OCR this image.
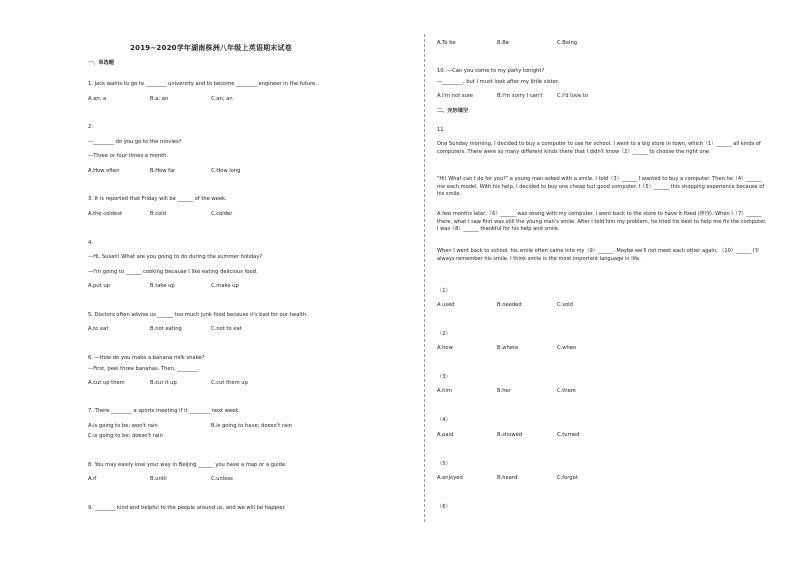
2019~2020学年湖南株洲八年级上英语期末试卷
一、单选题
1. Jack wants to go to ________ university and to become ________ engineer in the future.
A.an; a	B.a; an	C.an; an
2.
—________ do you go to the movies?
—Three or four times a month.
A.How often	B.How far	C.How long
3. It is reported that Friday will be ______ of the week.
A.the coldest	B.cold	C.colder
4.
—Hi, Susan! What are you going to do during the summer holiday?
—I'm going to ______ cooking because I like eating delicious food.
A.put up	B.take up	C.make up
5. Doctors often advise us ______ too much junk food because it's bad for our health.
A.to eat	B.not eating	C.not to eat
6. —How do you make a banana milk shake?
—First, peel three bananas. Then, ________.
A.cut up them	B.cut it up	C.cut them up
7. There ________ a sports meeting if it ________ next week.
A.is going to be; won't rain	B.is going to have; doesn't rain
C.is going to be; doesn't rain
8. You may easily lose your way in Beijing ______ you have a map or a guide.
A.if	B.until	C.unless
9. ________ kind and helpful to the people around us, and we will be happier.
A.To be	B.Be	C.Being
10. —Can you come to my party tonight?
—________, but I must look after my little sister.
A.I'm not sure	B.I'm sorry I can't	C.I'd love to
二、完形填空
11.
One Sunday morning, I decided to buy a computer to use for school. I went to a big store in town, which（1）______ all kinds of computers. There were so many different kinds there that I didn't know（2）______ to choose the right one.
"Hi! What can I do for you?" a young man asked with a smile. I told（3）______ I wanted to buy a computer. Then he（4）______ me each model. With his help, I decided to buy one cheap but good computer. I（5）______ this shopping experience because of his smile.
A few months later,（6）______ was wrong with my computer. I went back to the store to have it fixed (修理). When I（7）______ there, what I saw first was still the young man's smile. After I told him my problem, he tried his best to help me fix the computer. I was（8）______ thankful for his help and smile.
When I went back to school, his smile often came into my（9）______. Maybe we'll not meet each other again, （10）______ I'll always remember his smile. I think smile is the most important language in life.
（1）
A.used	B.needed	C.sold
（2）
A.how	B.where	C.when
（3）
A.him	B.her	C.them
（4）
A.paid	B.showed	C.turned
（5）
A.enjoyed	B.heard	C.forgot
（6）
